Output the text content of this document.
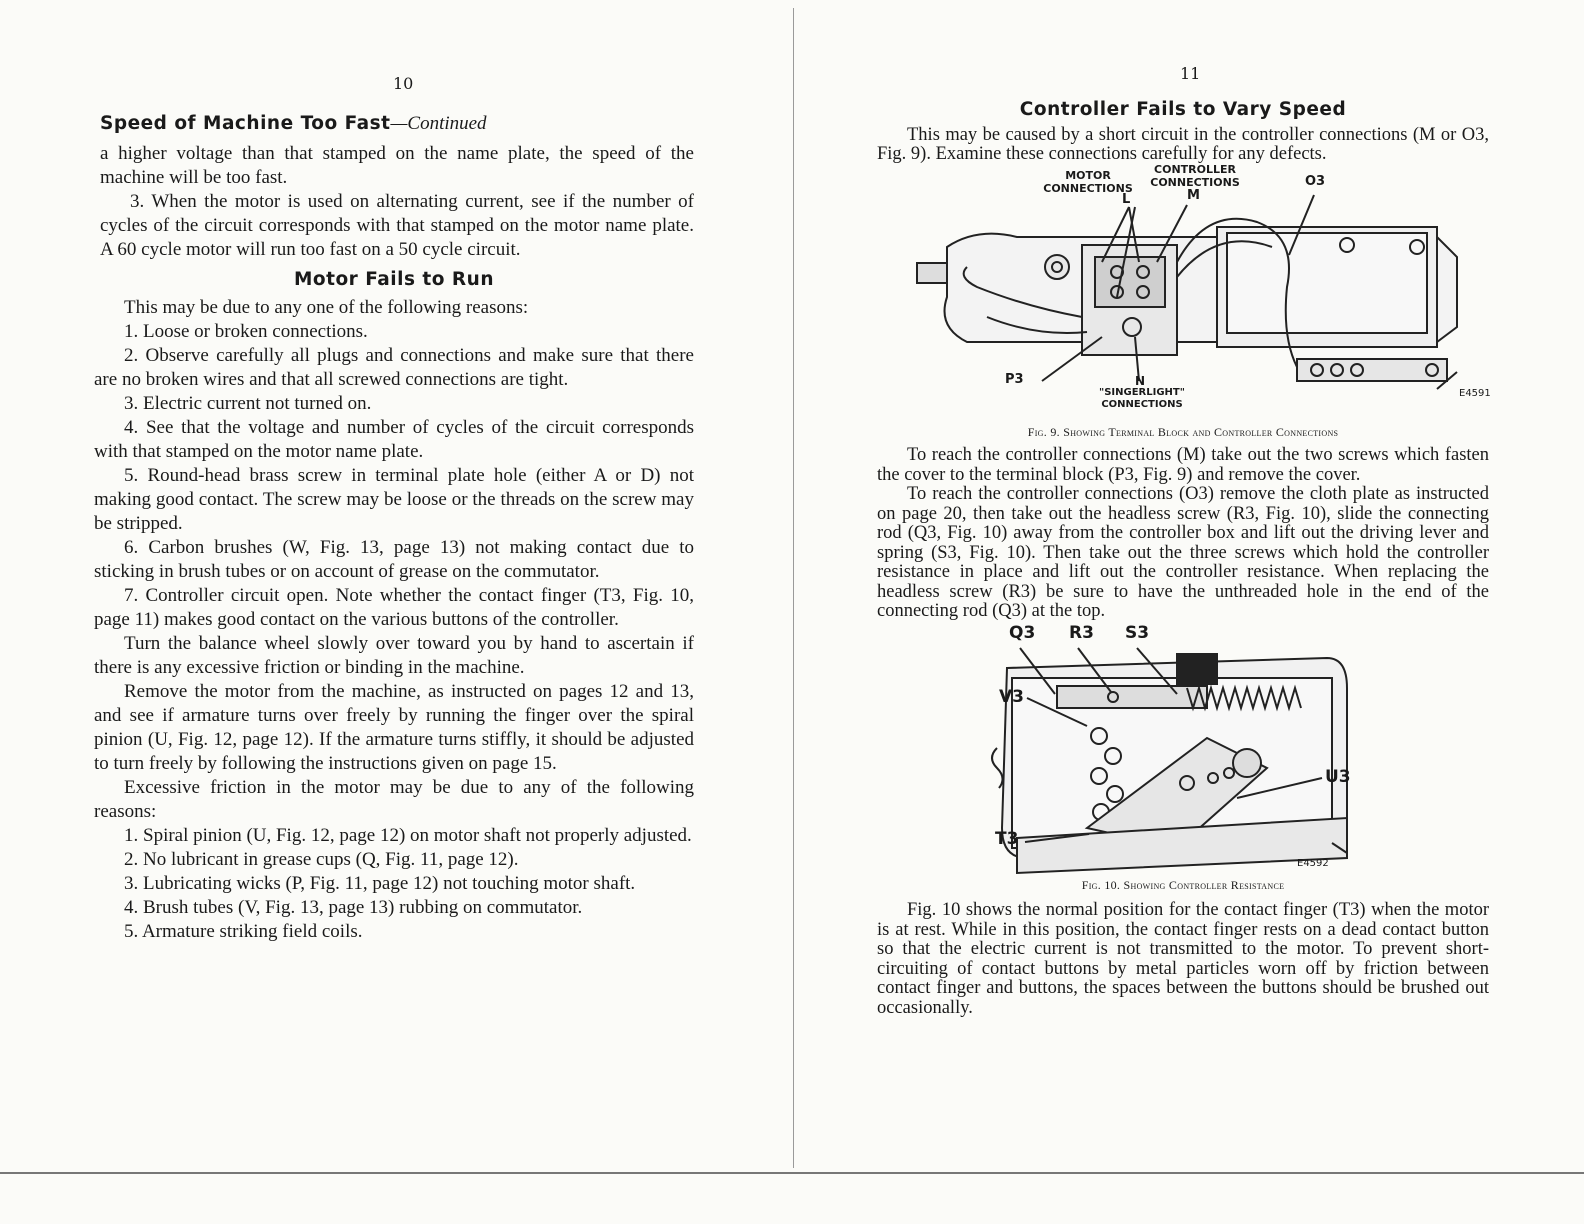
10
Speed of Machine Too Fast—Continued

a higher voltage than that stamped on the name plate, the speed of the machine will be too fast.

3. When the motor is used on alternating current, see if the number of cycles of the circuit corresponds with that stamped on the motor name plate. A 60 cycle motor will run too fast on a 50 cycle circuit.

Motor Fails to Run

This may be due to any one of the following reasons:

1. Loose or broken connections.

2. Observe carefully all plugs and connections and make sure that there are no broken wires and that all screwed connections are tight.

3. Electric current not turned on.

4. See that the voltage and number of cycles of the circuit corresponds with that stamped on the motor name plate.

5. Round-head brass screw in terminal plate hole (either A or D) not making good contact. The screw may be loose or the threads on the screw may be stripped.

6. Carbon brushes (W, Fig. 13, page 13) not making contact due to sticking in brush tubes or on account of grease on the commutator.

7. Controller circuit open. Note whether the contact finger (T3, Fig. 10, page 11) makes good contact on the various buttons of the controller.

Turn the balance wheel slowly over toward you by hand to ascertain if there is any excessive friction or binding in the machine.

Remove the motor from the machine, as instructed on pages 12 and 13, and see if armature turns over freely by running the finger over the spiral pinion (U, Fig. 12, page 12). If the armature turns stiffly, it should be adjusted to turn freely by following the instructions given on page 15.

Excessive friction in the motor may be due to any of the following reasons:

1. Spiral pinion (U, Fig. 12, page 12) on motor shaft not properly adjusted.

2. No lubricant in grease cups (Q, Fig. 11, page 12).

3. Lubricating wicks (P, Fig. 11, page 12) not touching motor shaft.

4. Brush tubes (V, Fig. 13, page 13) rubbing on commutator.

5. Armature striking field coils.

11
Controller Fails to Vary Speed

This may be caused by a short circuit in the controller connections (M or O3, Fig. 9). Examine these connections carefully for any defects.

MOTOR CONNECTIONS
CONTROLLER CONNECTIONS
L	M
O3
P3	N
"SINGERLIGHT" CONNECTIONS
E4591
Fig. 9. Showing Terminal Block and Controller Connections

To reach the controller connections (M) take out the two screws which fasten the cover to the terminal block (P3, Fig. 9) and remove the cover.

To reach the controller connections (O3) remove the cloth plate as instructed on page 20, then take out the headless screw (R3, Fig. 10), slide the connecting rod (Q3, Fig. 10) away from the controller box and lift out the driving lever and spring (S3, Fig. 10). Then take out the three screws which hold the controller resistance in place and lift out the controller resistance. When replacing the headless screw (R3) be sure to have the unthreaded hole in the end of the connecting rod (Q3) at the top.

Q3 R3 S3
V3
U3
T3
E4592
Fig. 10. Showing Controller Resistance

Fig. 10 shows the normal position for the contact finger (T3) when the motor is at rest. While in this position, the contact finger rests on a dead contact button so that the electric current is not transmitted to the motor. To prevent short-circuiting of contact buttons by metal particles worn off by friction between contact finger and buttons, the spaces between the buttons should be brushed out occasionally.
